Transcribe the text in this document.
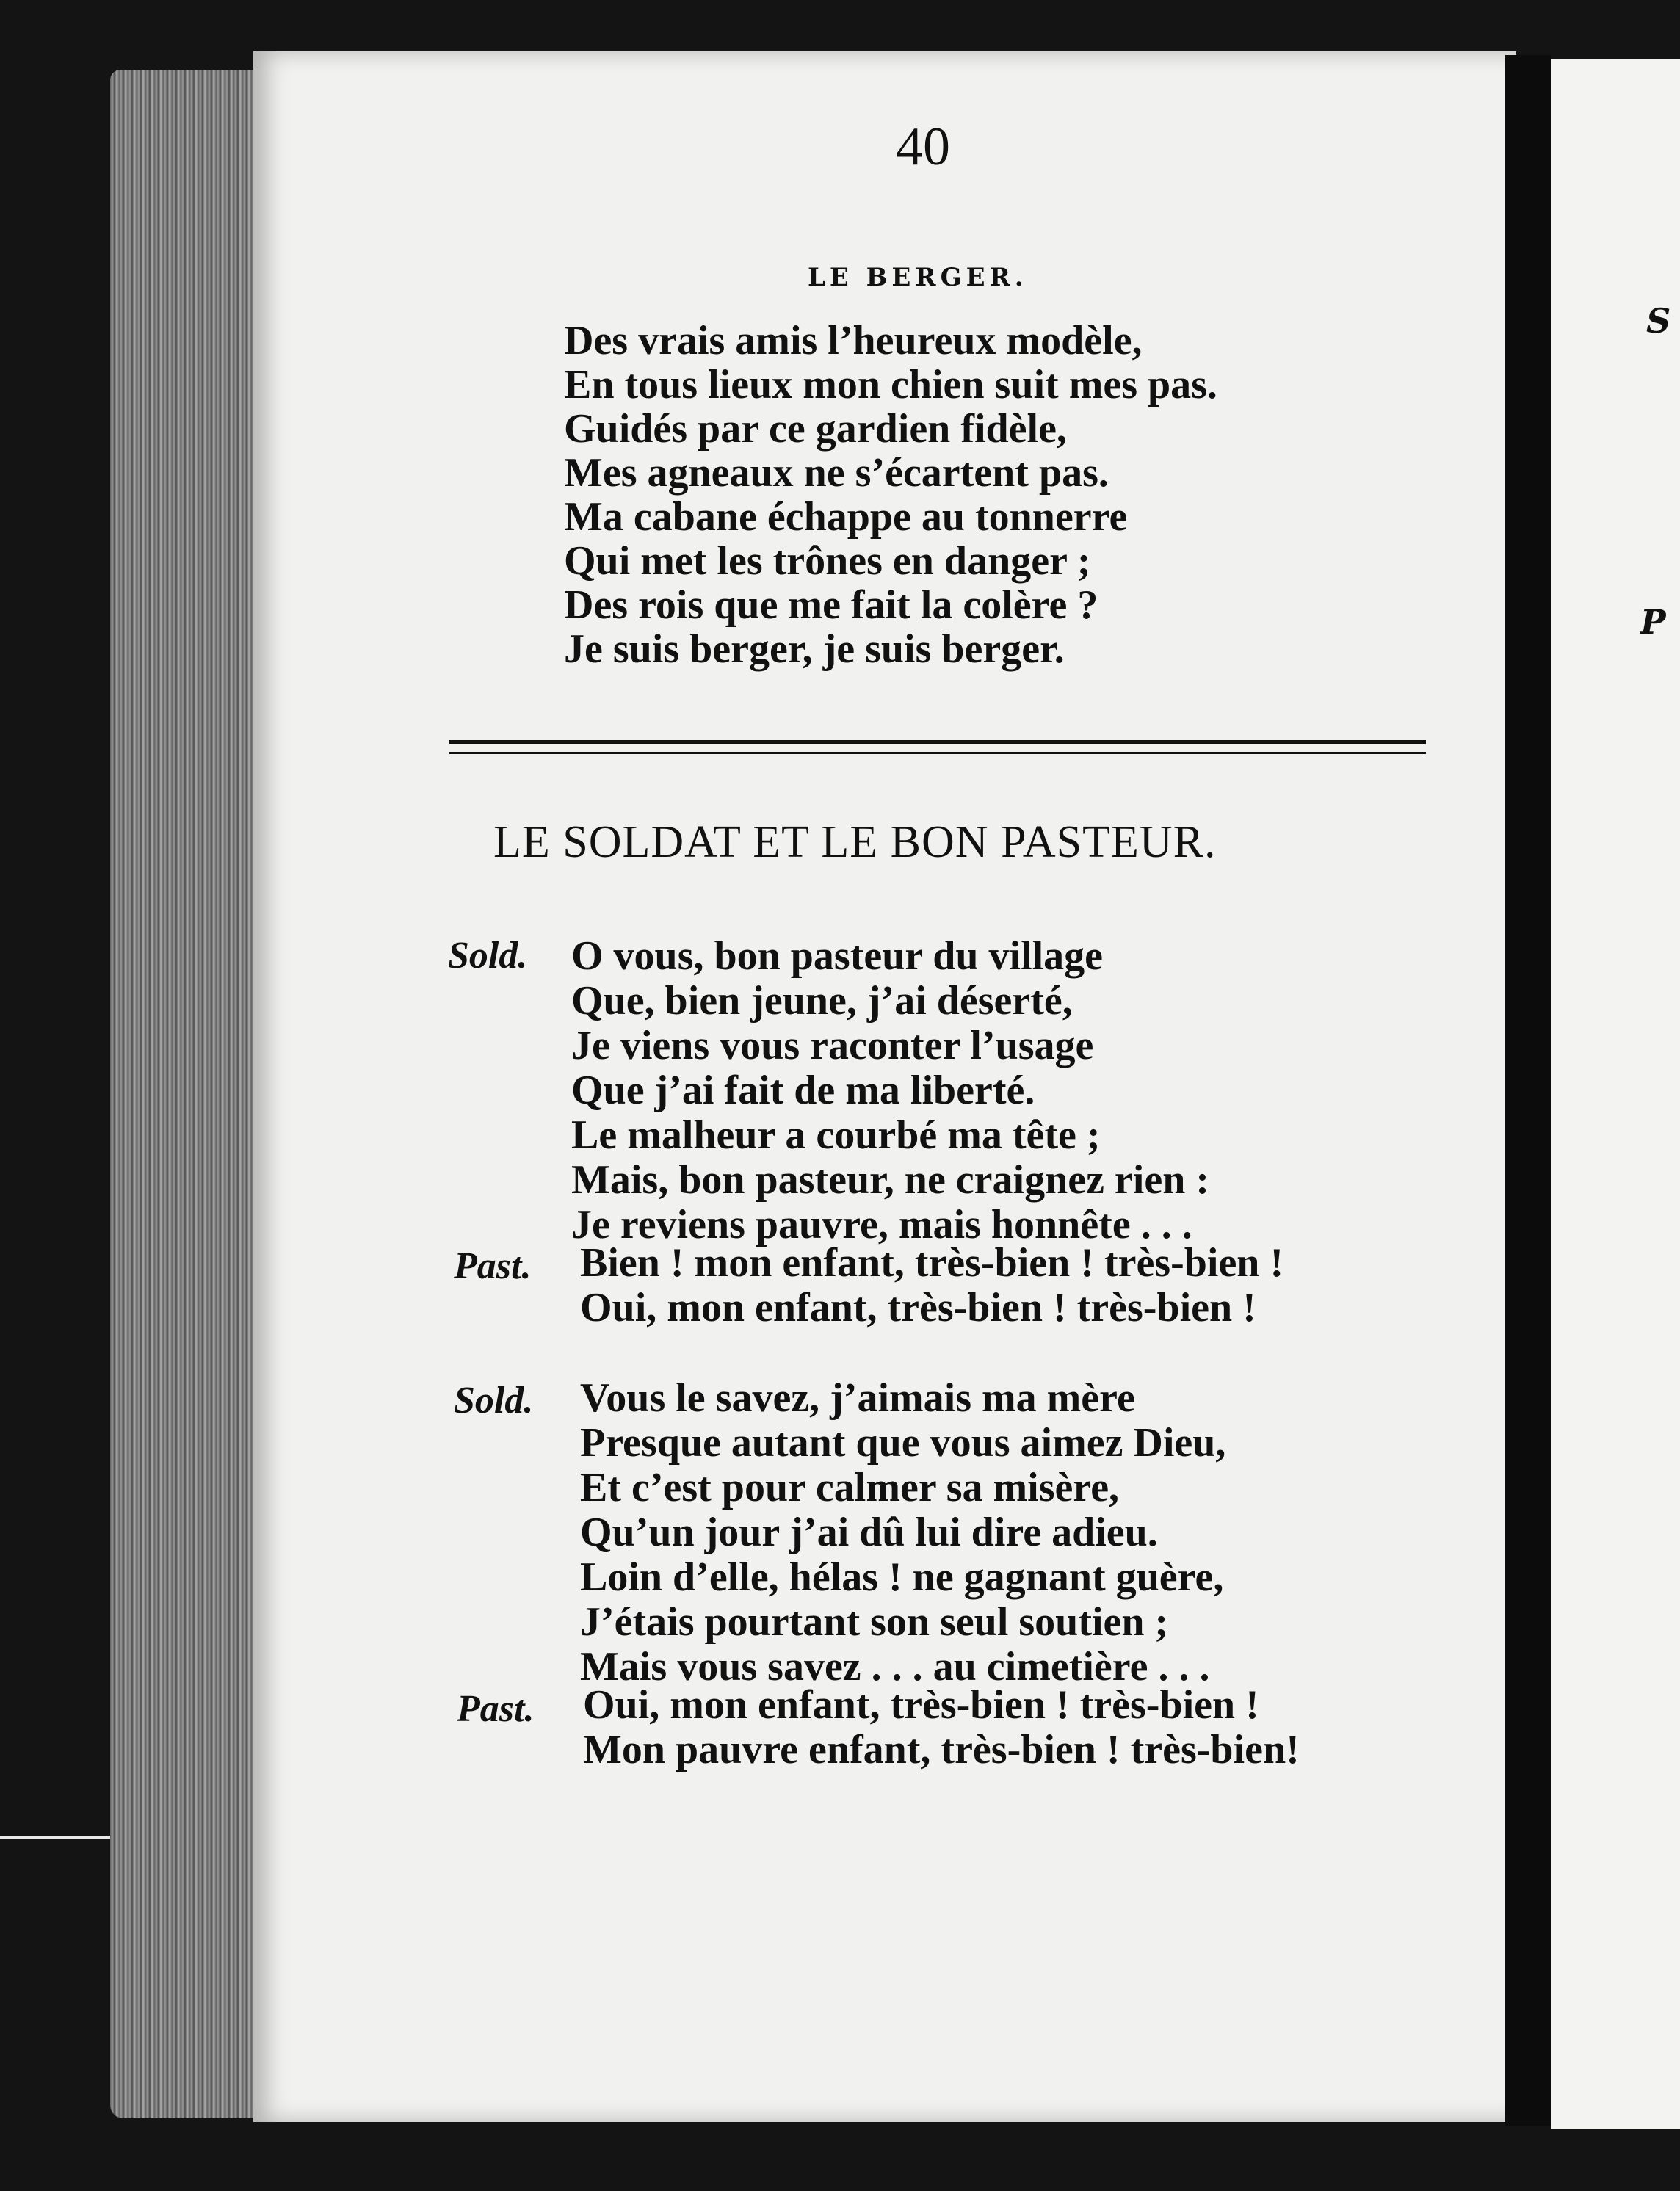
S
P
40
LE BERGER.
Des vrais amis l’heureux modèle,
En tous lieux mon chien suit mes pas.
Guidés par ce gardien fidèle,
Mes agneaux ne s’écartent pas.
Ma cabane échappe au tonnerre
Qui met les trônes en danger ;
Des rois que me fait la colère ?
Je suis berger, je suis berger.
LE SOLDAT ET LE BON PASTEUR.
Sold. O vous, bon pasteur du village
Que, bien jeune, j’ai déserté,
Je viens vous raconter l’usage
Que j’ai fait de ma liberté.
Le malheur a courbé ma tête ;
Mais, bon pasteur, ne craignez rien :
Je reviens pauvre, mais honnête . . .
Past. Bien ! mon enfant, très-bien ! très-bien !
Oui, mon enfant, très-bien ! très-bien !
Sold. Vous le savez, j’aimais ma mère
Presque autant que vous aimez Dieu,
Et c’est pour calmer sa misère,
Qu’un jour j’ai dû lui dire adieu.
Loin d’elle, hélas ! ne gagnant guère,
J’étais pourtant son seul soutien ;
Mais vous savez . . . au cimetière . . .
Past. Oui, mon enfant, très-bien ! très-bien !
Mon pauvre enfant, très-bien ! très-bien!
